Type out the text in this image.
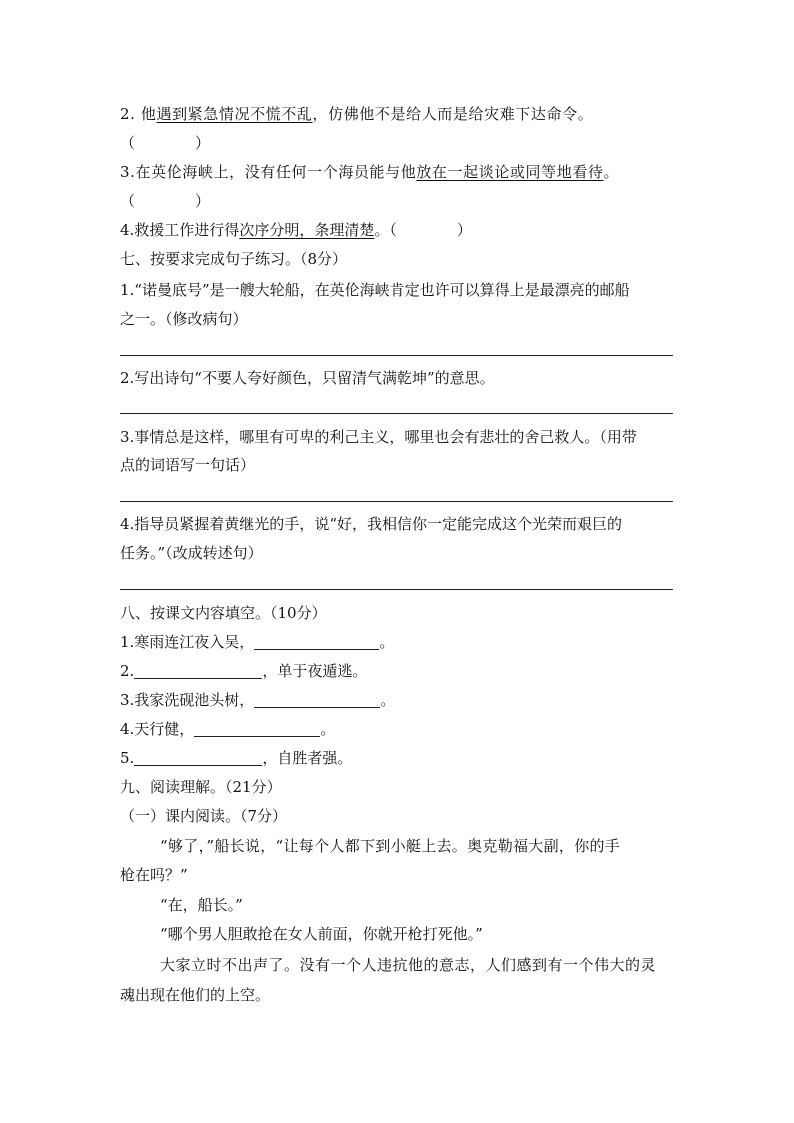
2. 他遇到紧急情况不慌不乱，仿佛他不是给人而是给灾难下达命令。
（	）
3.在英伦海峡上，没有任何一个海员能与他放在一起谈论或同等地看待。
（	）
4.救援工作进行得次序分明，条理清楚。（	）
七、按要求完成句子练习。（8分）
1.“诺曼底号”是一艘大轮船，在英伦海峡肯定也许可以算得上是最漂亮的邮船
之一。（修改病句）
2.写出诗句“不要人夸好颜色，只留清气满乾坤”的意思。
3.事情总是这样，哪里有可卑的利己主义，哪里也会有悲壮的舍己救人。（用带
点的词语写一句话）
4.指导员紧握着黄继光的手，说“好，我相信你一定能完成这个光荣而艰巨的
任务。”（改成转述句）
八、按课文内容填空。（10分）
1.寒雨连江夜入吴，	。
2.	，单于夜遁逃。
3.我家洗砚池头树，	。
4.天行健，	。
5.	，自胜者强。
九、阅读理解。（21分）
（一）课内阅读。（7分）
“够了，”船长说，“让每个人都下到小艇上去。奥克勒福大副，你的手
枪在吗？”
“在，船长。”
“哪个男人胆敢抢在女人前面，你就开枪打死他。”
大家立时不出声了。没有一个人违抗他的意志，人们感到有一个伟大的灵
魂出现在他们的上空。
